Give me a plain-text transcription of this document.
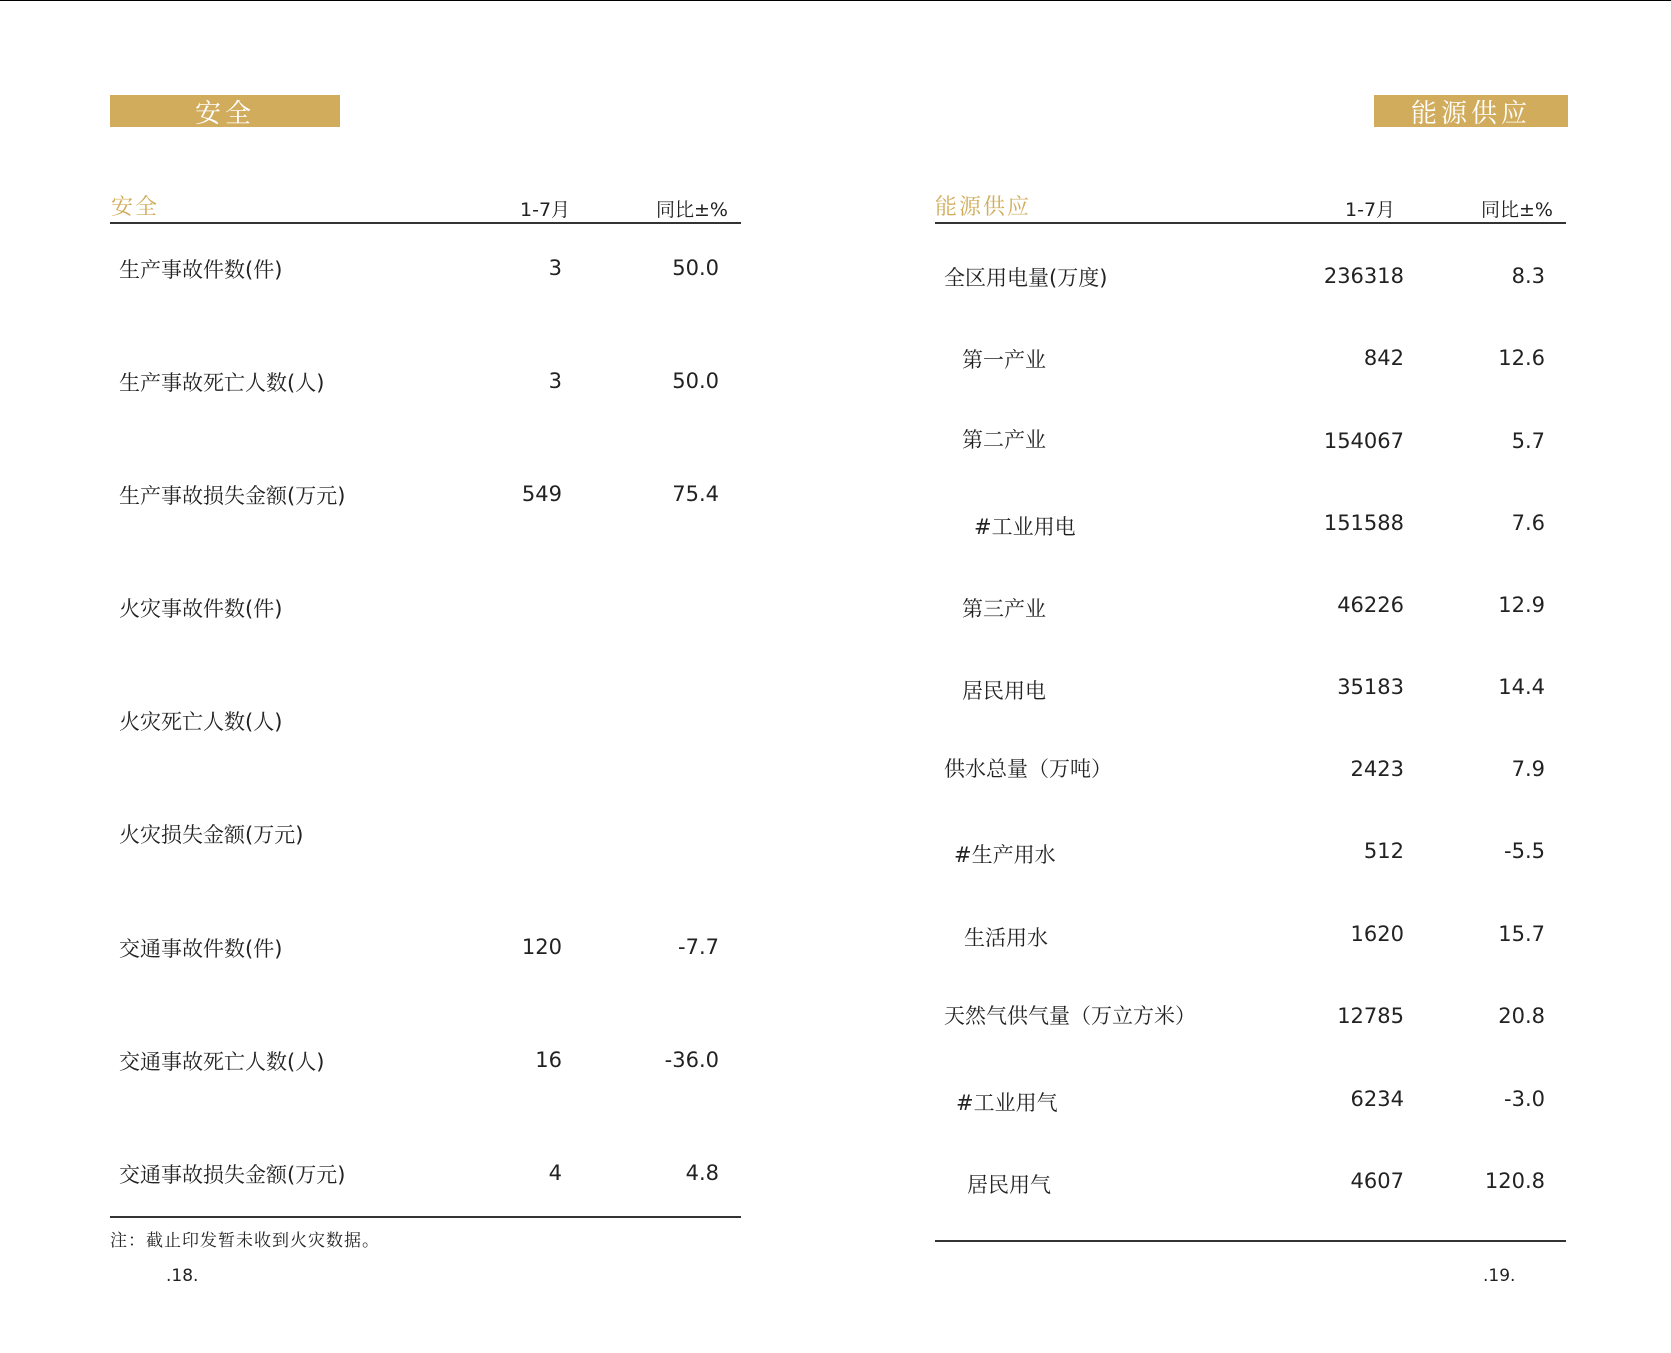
安全
安全	1-7月	同比±%
生产事故件数(件)	3	50.0
生产事故死亡人数(人)	3	50.0
生产事故损失金额(万元)	549	75.4
火灾事故件数(件)
火灾死亡人数(人)
火灾损失金额(万元)
交通事故件数(件)	120	-7.7
交通事故死亡人数(人)	16	-36.0
交通事故损失金额(万元)	4	4.8
注：截止印发暂未收到火灾数据。
.18.
能源供应
能源供应	1-7月	同比±%
全区用电量(万度)	236318	8.3
第一产业	842	12.6
第二产业	154067	5.7
#工业用电	151588	7.6
第三产业	46226	12.9
居民用电	35183	14.4
供水总量（万吨）	2423	7.9
#生产用水	512	-5.5
生活用水	1620	15.7
天然气供气量（万立方米）	12785	20.8
#工业用气	6234	-3.0
居民用气	4607	120.8
.19.
